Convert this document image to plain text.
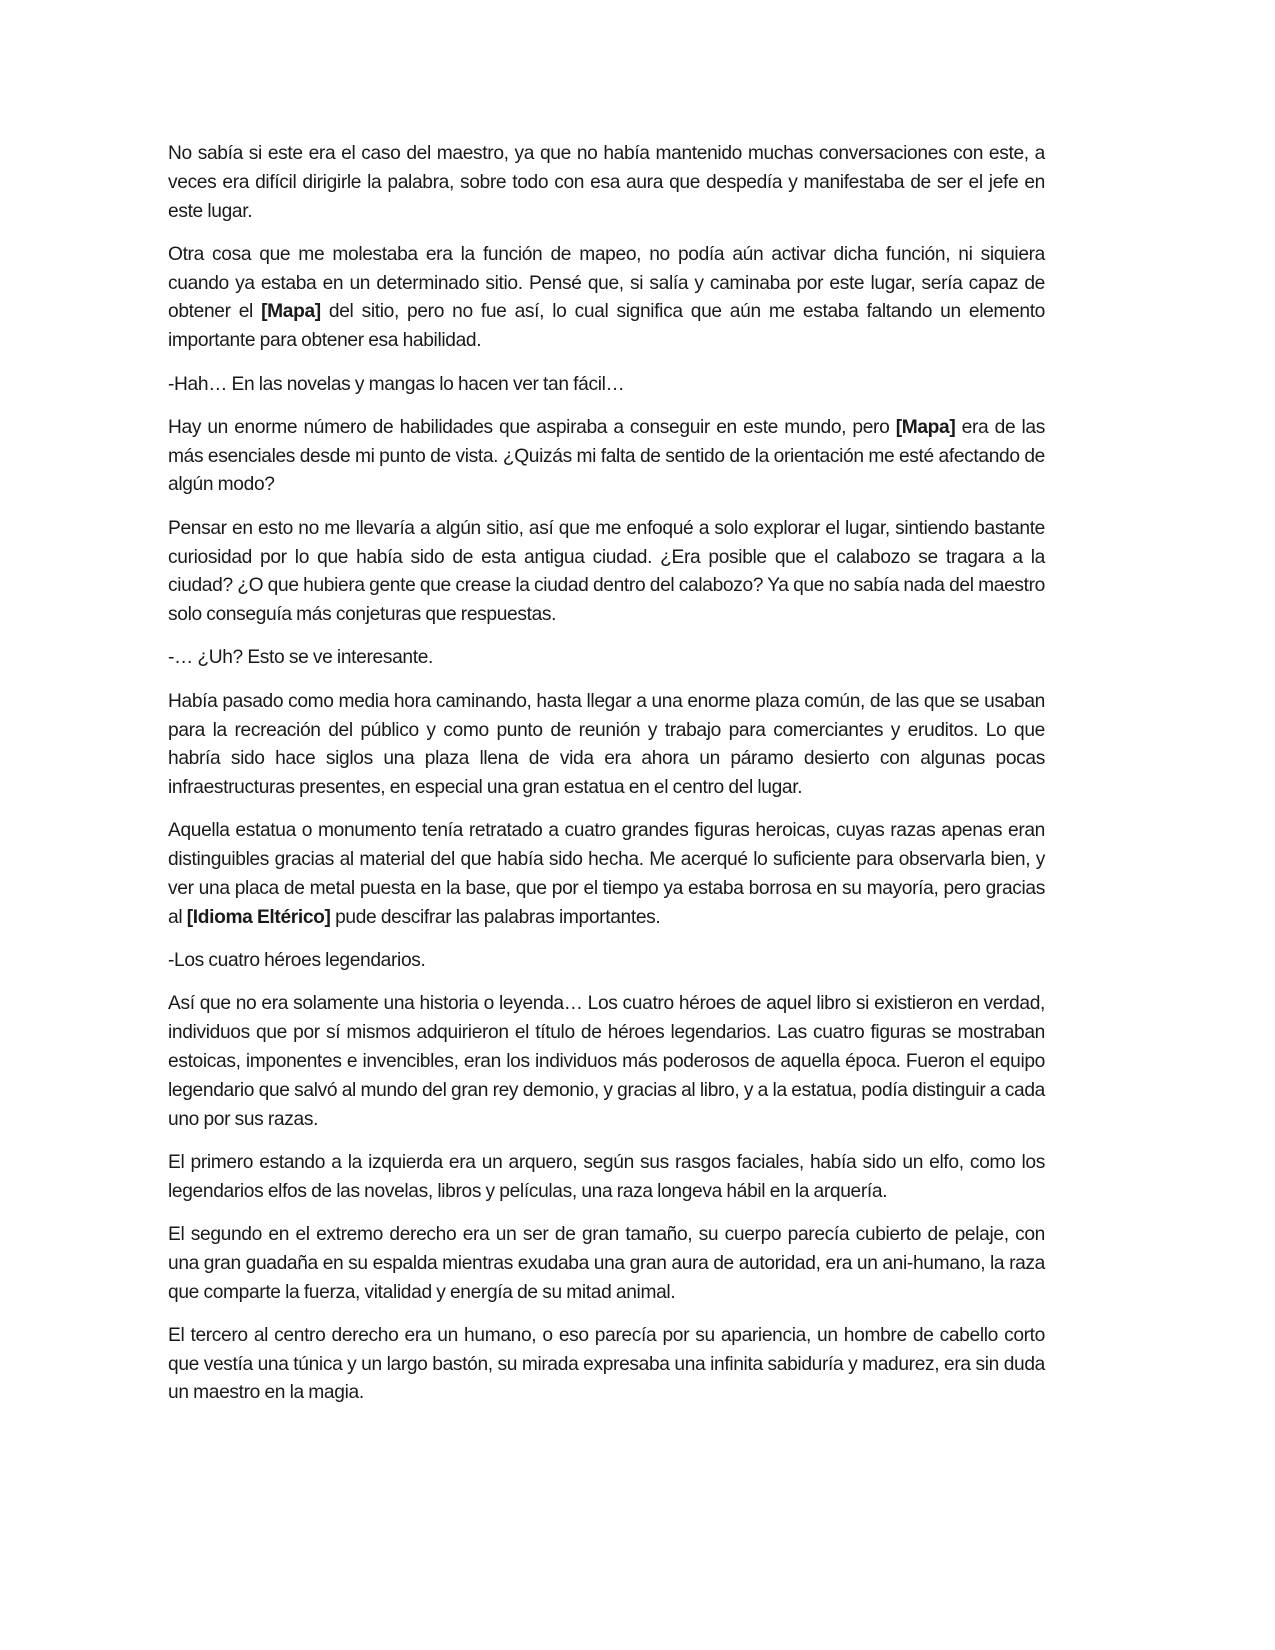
No sabía si este era el caso del maestro, ya que no había mantenido muchas conversaciones con este, a veces era difícil dirigirle la palabra, sobre todo con esa aura que despedía y manifestaba de ser el jefe en este lugar.

Otra cosa que me molestaba era la función de mapeo, no podía aún activar dicha función, ni siquiera cuando ya estaba en un determinado sitio. Pensé que, si salía y caminaba por este lugar, sería capaz de obtener el [Mapa] del sitio, pero no fue así, lo cual significa que aún me estaba faltando un elemento importante para obtener esa habilidad.

-Hah… En las novelas y mangas lo hacen ver tan fácil…

Hay un enorme número de habilidades que aspiraba a conseguir en este mundo, pero [Mapa] era de las más esenciales desde mi punto de vista. ¿Quizás mi falta de sentido de la orientación me esté afectando de algún modo?

Pensar en esto no me llevaría a algún sitio, así que me enfoqué a solo explorar el lugar, sintiendo bastante curiosidad por lo que había sido de esta antigua ciudad. ¿Era posible que el calabozo se tragara a la ciudad? ¿O que hubiera gente que crease la ciudad dentro del calabozo? Ya que no sabía nada del maestro solo conseguía más conjeturas que respuestas.

-… ¿Uh? Esto se ve interesante.

Había pasado como media hora caminando, hasta llegar a una enorme plaza común, de las que se usaban para la recreación del público y como punto de reunión y trabajo para comerciantes y eruditos. Lo que habría sido hace siglos una plaza llena de vida era ahora un páramo desierto con algunas pocas infraestructuras presentes, en especial una gran estatua en el centro del lugar.

Aquella estatua o monumento tenía retratado a cuatro grandes figuras heroicas, cuyas razas apenas eran distinguibles gracias al material del que había sido hecha. Me acerqué lo suficiente para observarla bien, y ver una placa de metal puesta en la base, que por el tiempo ya estaba borrosa en su mayoría, pero gracias al [Idioma Eltérico] pude descifrar las palabras importantes.

-Los cuatro héroes legendarios.

Así que no era solamente una historia o leyenda… Los cuatro héroes de aquel libro si existieron en verdad, individuos que por sí mismos adquirieron el título de héroes legendarios. Las cuatro figuras se mostraban estoicas, imponentes e invencibles, eran los individuos más poderosos de aquella época. Fueron el equipo legendario que salvó al mundo del gran rey demonio, y gracias al libro, y a la estatua, podía distinguir a cada uno por sus razas.

El primero estando a la izquierda era un arquero, según sus rasgos faciales, había sido un elfo, como los legendarios elfos de las novelas, libros y películas, una raza longeva hábil en la arquería.

El segundo en el extremo derecho era un ser de gran tamaño, su cuerpo parecía cubierto de pelaje, con una gran guadaña en su espalda mientras exudaba una gran aura de autoridad, era un ani-humano, la raza que comparte la fuerza, vitalidad y energía de su mitad animal.

El tercero al centro derecho era un humano, o eso parecía por su apariencia, un hombre de cabello corto que vestía una túnica y un largo bastón, su mirada expresaba una infinita sabiduría y madurez, era sin duda un maestro en la magia.
